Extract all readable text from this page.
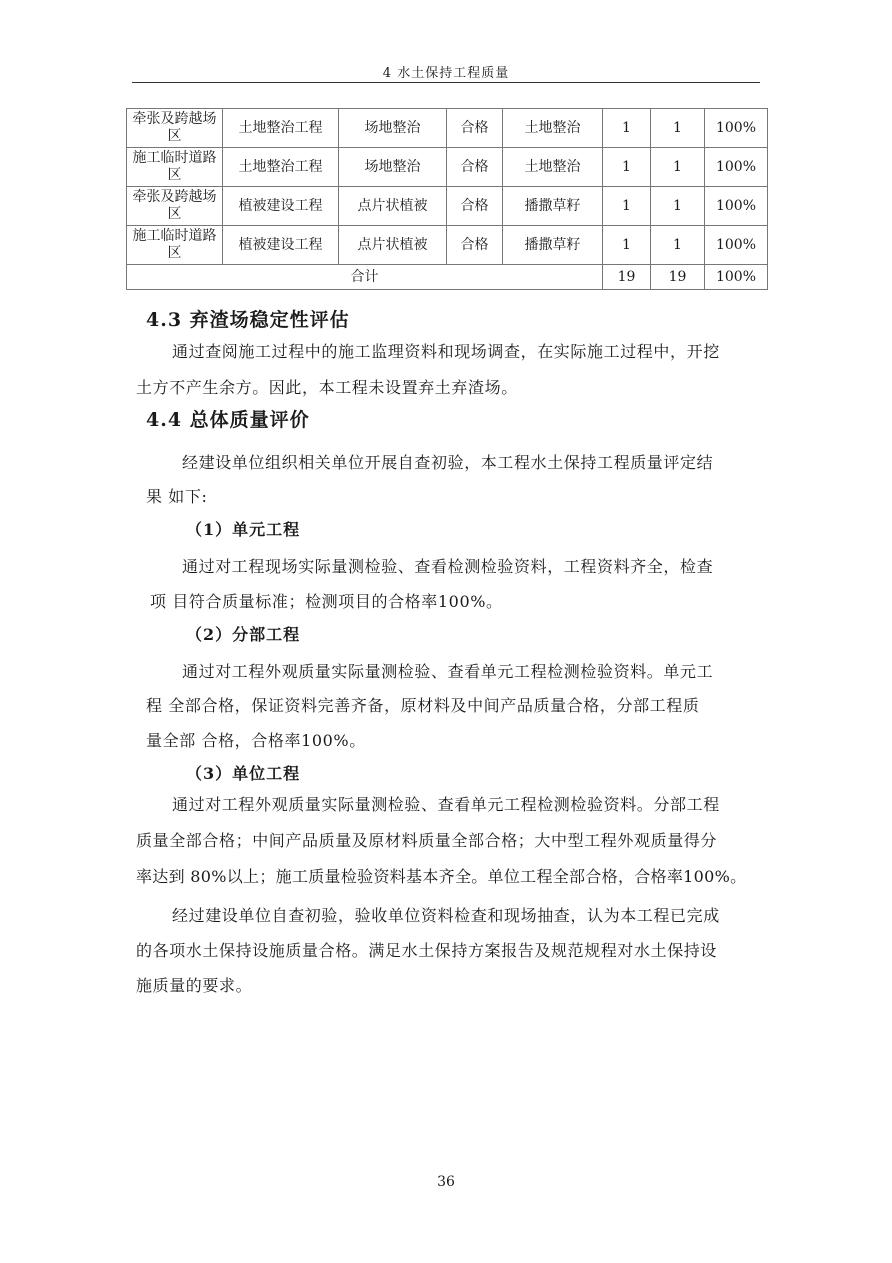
4 水土保持工程质量
牵张及跨越场区	土地整治工程	场地整治	合格	土地整治	1	1	100%
施工临时道路区	土地整治工程	场地整治	合格	土地整治	1	1	100%
牵张及跨越场区	植被建设工程	点片状植被	合格	播撒草籽	1	1	100%
施工临时道路区	植被建设工程	点片状植被	合格	播撒草籽	1	1	100%
合计					19	19	100%
4.3 弃渣场稳定性评估
通过查阅施工过程中的施工监理资料和现场调查，在实际施工过程中，开挖
土方不产生余方。因此，本工程未设置弃土弃渣场。
4.4 总体质量评价
经建设单位组织相关单位开展自查初验，本工程水土保持工程质量评定结
果 如下:
（1）单元工程
通过对工程现场实际量测检验、查看检测检验资料，工程资料齐全，检查
项 目符合质量标准；检测项目的合格率100%。
（2）分部工程
通过对工程外观质量实际量测检验、查看单元工程检测检验资料。单元工
程 全部合格，保证资料完善齐备，原材料及中间产品质量合格，分部工程质
量全部 合格，合格率100%。
（3）单位工程
通过对工程外观质量实际量测检验、查看单元工程检测检验资料。分部工程
质量全部合格；中间产品质量及原材料质量全部合格；大中型工程外观质量得分
率达到 80%以上；施工质量检验资料基本齐全。单位工程全部合格，合格率100%。
经过建设单位自查初验，验收单位资料检查和现场抽查，认为本工程已完成
的各项水土保持设施质量合格。满足水土保持方案报告及规范规程对水土保持设
施质量的要求。
36
